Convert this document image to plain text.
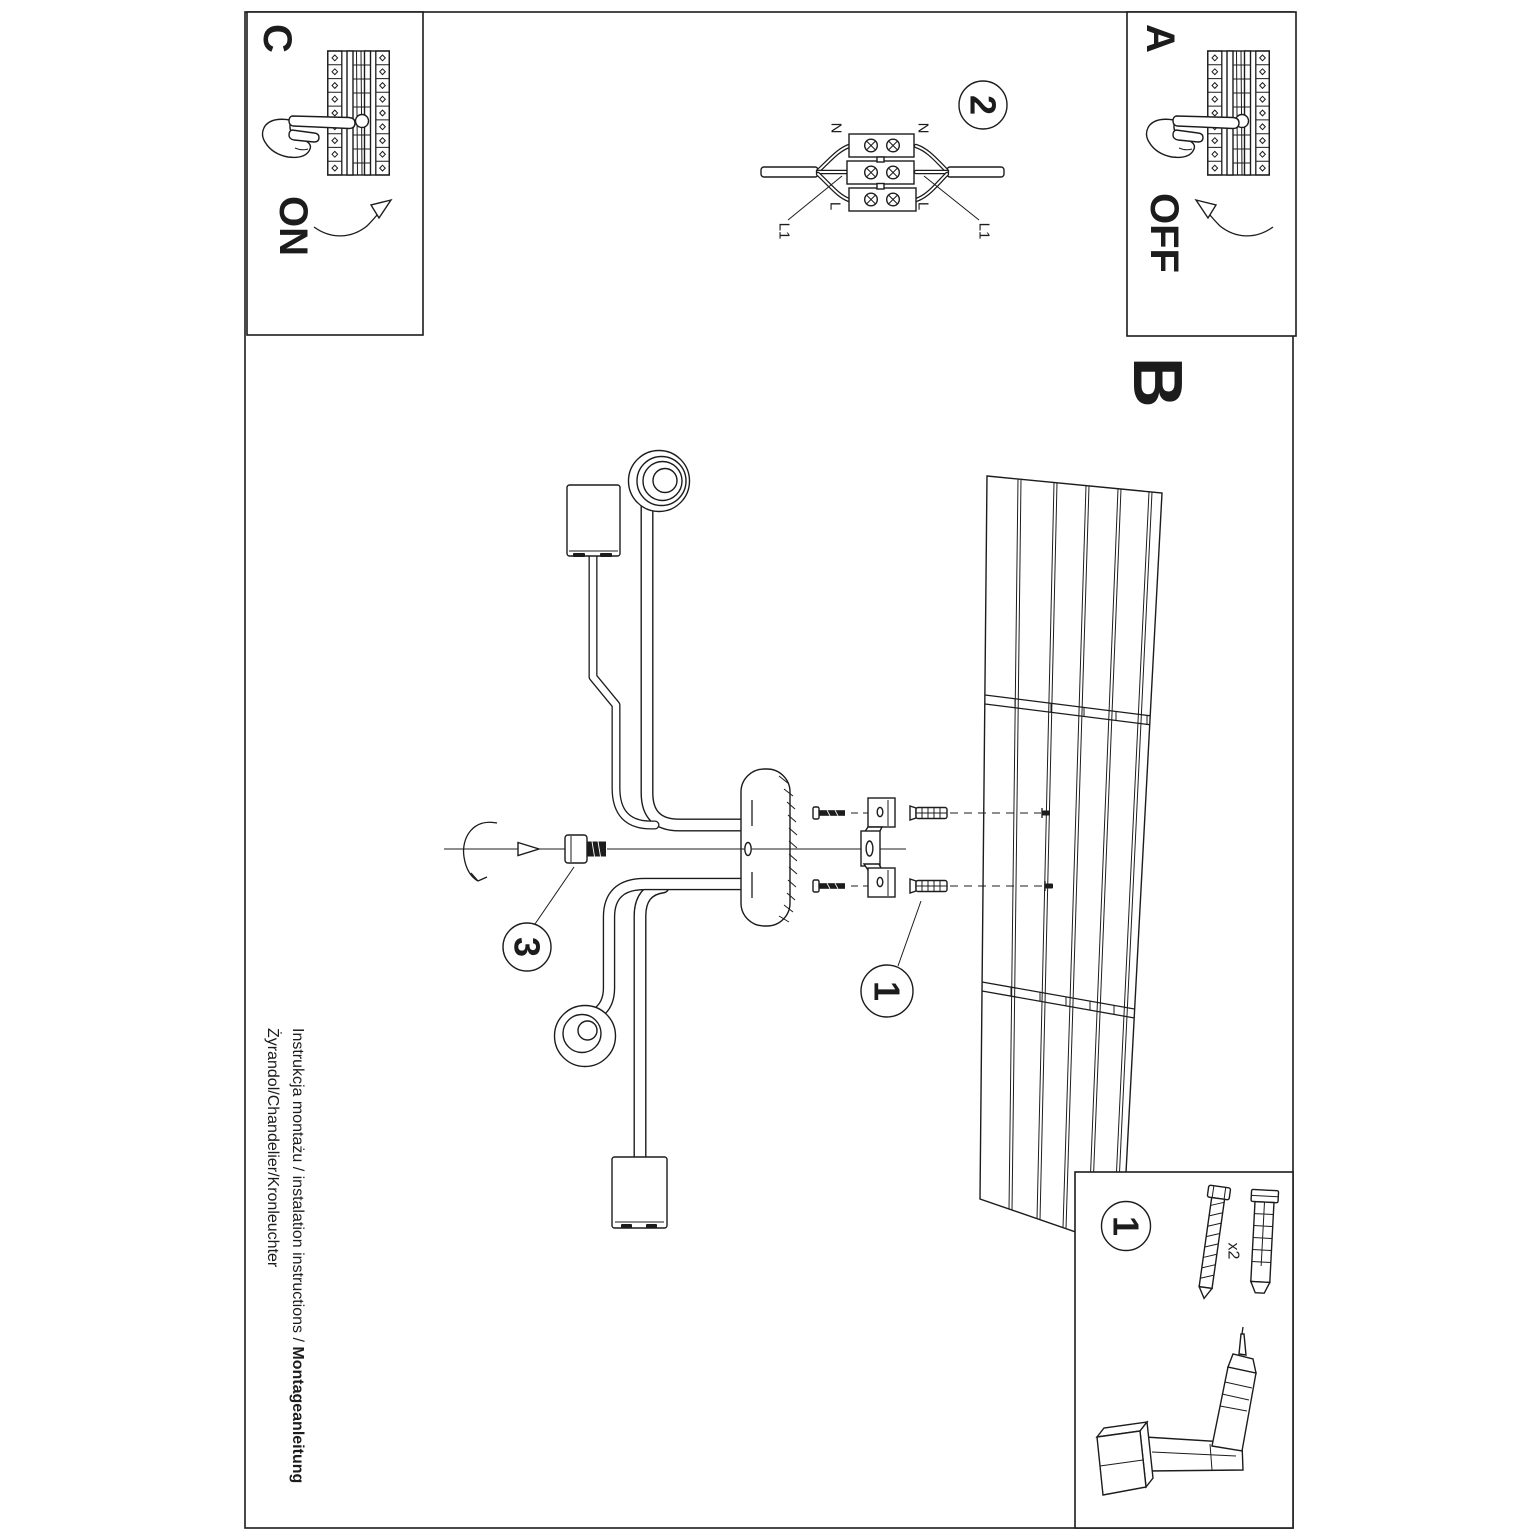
3
1
N	N
L	L
L1	L1
2
C
ON
A
OFF
B
1
x2
Instrukcja montażu / instalation instructions / Montageanleitung
Żyrandol/Chandelier/Kronleuchter
